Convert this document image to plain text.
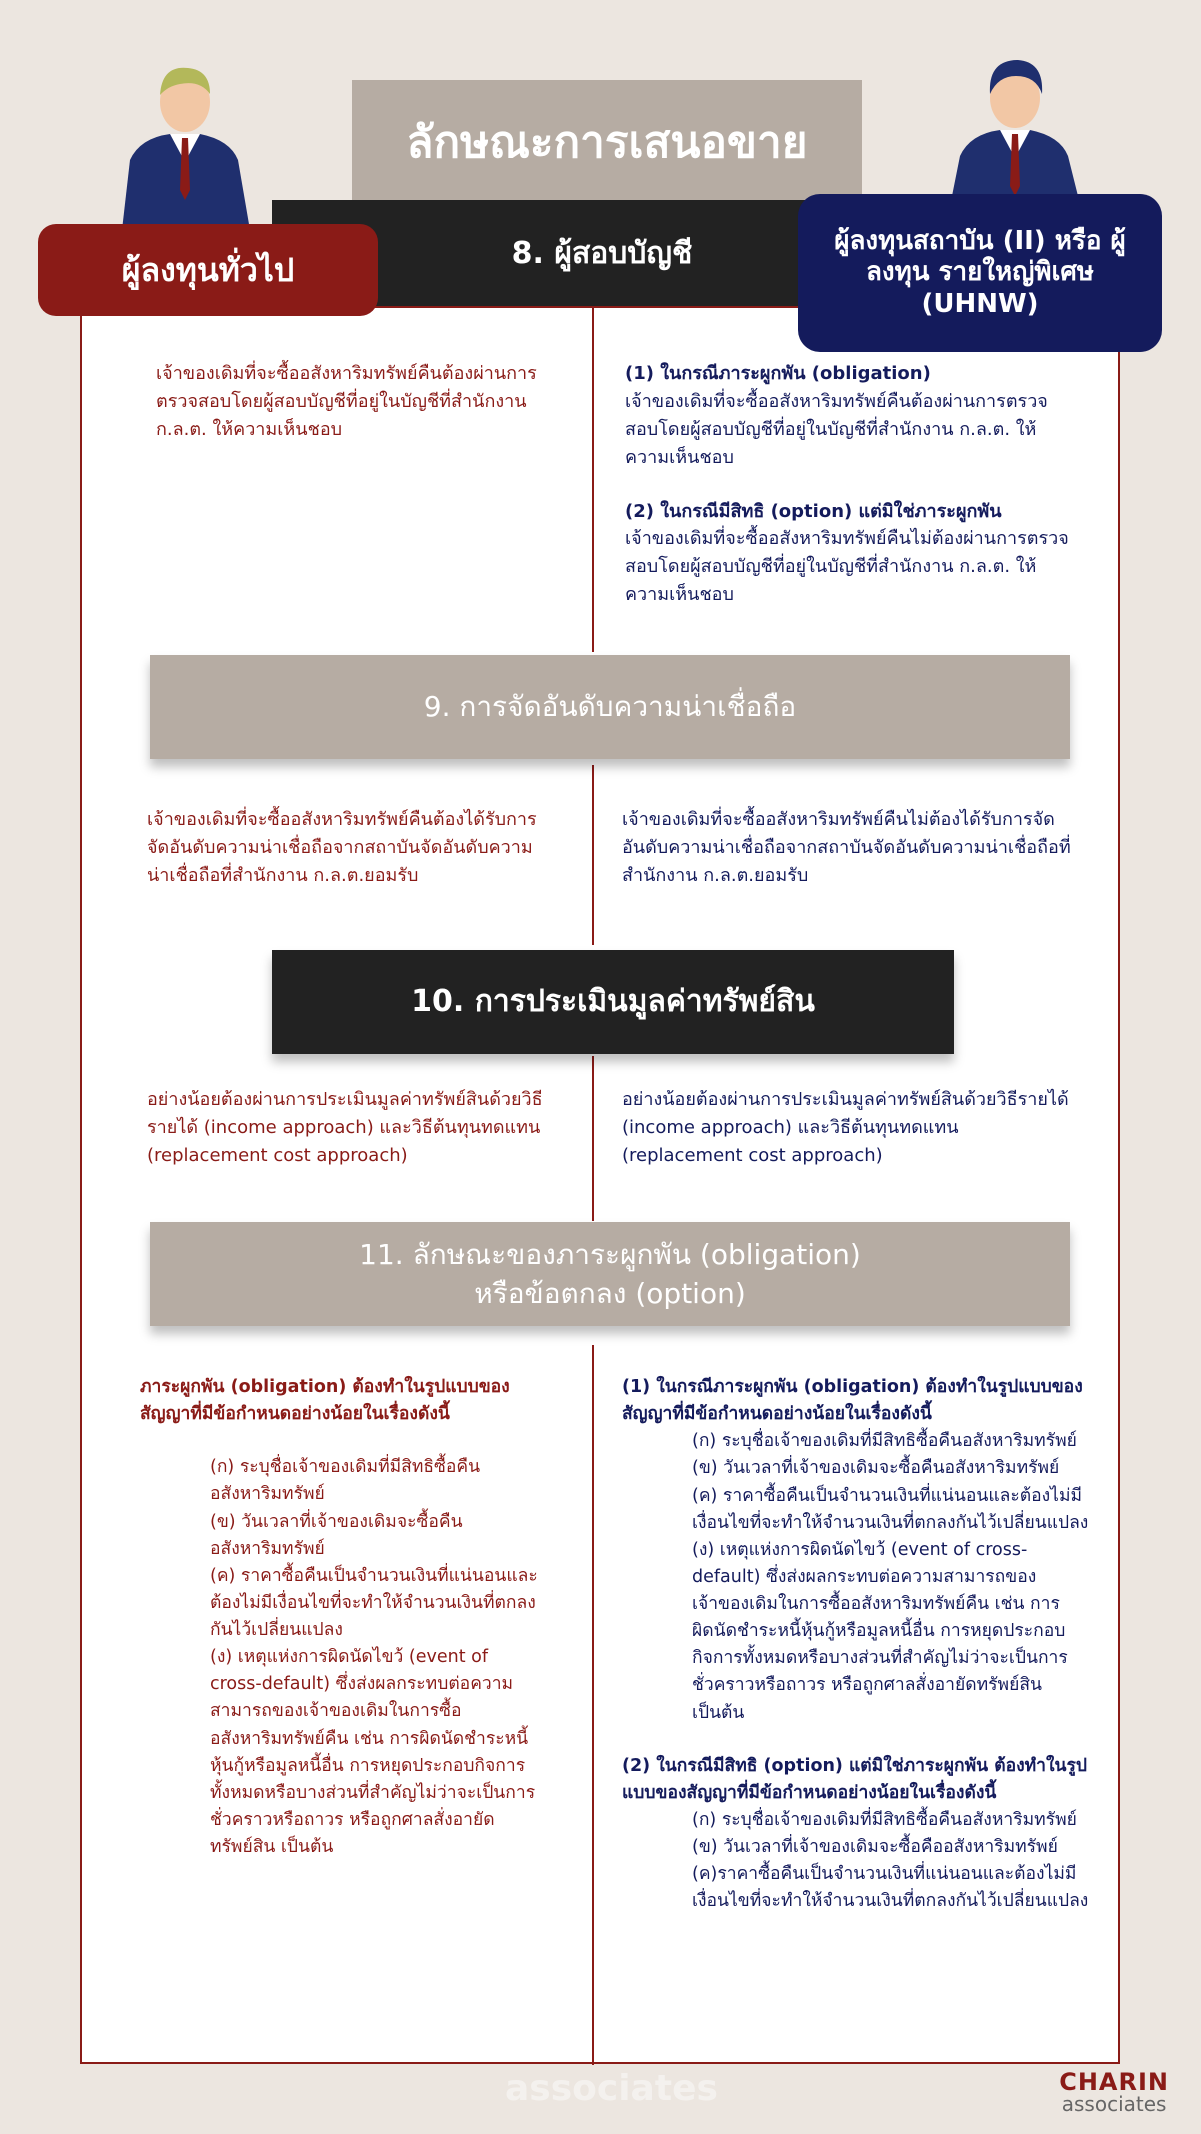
ลักษณะการเสนอขาย
8. ผู้สอบบัญชี
ผู้ลงทุนทั่วไป
ผู้ลงทุนสถาบัน (II) หรือ ผู้ลงทุน รายใหญ่พิเศษ (UHNW)
เจ้าของเดิมที่จะซื้ออสังหาริมทรัพย์คืนต้องผ่านการตรวจสอบโดยผู้สอบบัญชีที่อยู่ในบัญชีที่สำนักงาน ก.ล.ต. ให้ความเห็นชอบ
(1) ในกรณีภาระผูกพัน (obligation)
เจ้าของเดิมที่จะซื้ออสังหาริมทรัพย์คืนต้องผ่านการตรวจสอบโดยผู้สอบบัญชีที่อยู่ในบัญชีที่สำนักงาน ก.ล.ต. ให้ความเห็นชอบ
(2) ในกรณีมีสิทธิ (option) แต่มิใช่ภาระผูกพัน
เจ้าของเดิมที่จะซื้ออสังหาริมทรัพย์คืนไม่ต้องผ่านการตรวจสอบโดยผู้สอบบัญชีที่อยู่ในบัญชีที่สำนักงาน ก.ล.ต. ให้ความเห็นชอบ
9. การจัดอันดับความน่าเชื่อถือ
เจ้าของเดิมที่จะซื้ออสังหาริมทรัพย์คืนต้องได้รับการจัดอันดับความน่าเชื่อถือจากสถาบันจัดอันดับความน่าเชื่อถือที่สำนักงาน ก.ล.ต.ยอมรับ
เจ้าของเดิมที่จะซื้ออสังหาริมทรัพย์คืนไม่ต้องได้รับการจัดอันดับความน่าเชื่อถือจากสถาบันจัดอันดับความน่าเชื่อถือที่สำนักงาน ก.ล.ต.ยอมรับ
10. การประเมินมูลค่าทรัพย์สิน
อย่างน้อยต้องผ่านการประเมินมูลค่าทรัพย์สินด้วยวิธีรายได้ (income approach) และวิธีต้นทุนทดแทน (replacement cost approach)
อย่างน้อยต้องผ่านการประเมินมูลค่าทรัพย์สินด้วยวิธีรายได้ (income approach) และวิธีต้นทุนทดแทน (replacement cost approach)
11. ลักษณะของภาระผูกพัน (obligation)
หรือข้อตกลง (option)
ภาระผูกพัน (obligation) ต้องทำในรูปแบบของสัญญาที่มีข้อกำหนดอย่างน้อยในเรื่องดังนี้
(ก) ระบุชื่อเจ้าของเดิมที่มีสิทธิซื้อคืนอสังหาริมทรัพย์
(ข) วันเวลาที่เจ้าของเดิมจะซื้อคืนอสังหาริมทรัพย์
(ค) ราคาซื้อคืนเป็นจำนวนเงินที่แน่นอนและต้องไม่มีเงื่อนไขที่จะทำให้จำนวนเงินที่ตกลงกันไว้เปลี่ยนแปลง
(ง) เหตุแห่งการผิดนัดไขว้ (event of cross-default) ซึ่งส่งผลกระทบต่อความสามารถของเจ้าของเดิมในการซื้ออสังหาริมทรัพย์คืน เช่น การผิดนัดชำระหนี้หุ้นกู้หรือมูลหนี้อื่น การหยุดประกอบกิจการทั้งหมดหรือบางส่วนที่สำคัญไม่ว่าจะเป็นการชั่วคราวหรือถาวร หรือถูกศาลสั่งอายัดทรัพย์สิน เป็นต้น
(1) ในกรณีภาระผูกพัน (obligation) ต้องทำในรูปแบบของสัญญาที่มีข้อกำหนดอย่างน้อยในเรื่องดังนี้
(ก) ระบุชื่อเจ้าของเดิมที่มีสิทธิซื้อคืนอสังหาริมทรัพย์
(ข) วันเวลาที่เจ้าของเดิมจะซื้อคืนอสังหาริมทรัพย์
(ค) ราคาซื้อคืนเป็นจำนวนเงินที่แน่นอนและต้องไม่มีเงื่อนไขที่จะทำให้จำนวนเงินที่ตกลงกันไว้เปลี่ยนแปลง
(ง) เหตุแห่งการผิดนัดไขว้ (event of cross-default) ซึ่งส่งผลกระทบต่อความสามารถของเจ้าของเดิมในการซื้ออสังหาริมทรัพย์คืน เช่น การผิดนัดชำระหนี้หุ้นกู้หรือมูลหนี้อื่น การหยุดประกอบกิจการทั้งหมดหรือบางส่วนที่สำคัญไม่ว่าจะเป็นการชั่วคราวหรือถาวร หรือถูกศาลสั่งอายัดทรัพย์สิน เป็นต้น
(2) ในกรณีมีสิทธิ (option) แต่มิใช่ภาระผูกพัน ต้องทำในรูปแบบของสัญญาที่มีข้อกำหนดอย่างน้อยในเรื่องดังนี้
(ก) ระบุชื่อเจ้าของเดิมที่มีสิทธิซื้อคืนอสังหาริมทรัพย์
(ข) วันเวลาที่เจ้าของเดิมจะซื้อคืออสังหาริมทรัพย์
(ค)ราคาซื้อคืนเป็นจำนวนเงินที่แน่นอนและต้องไม่มีเงื่อนไขที่จะทำให้จำนวนเงินที่ตกลงกันไว้เปลี่ยนแปลง
associates	CHARIN
associates
